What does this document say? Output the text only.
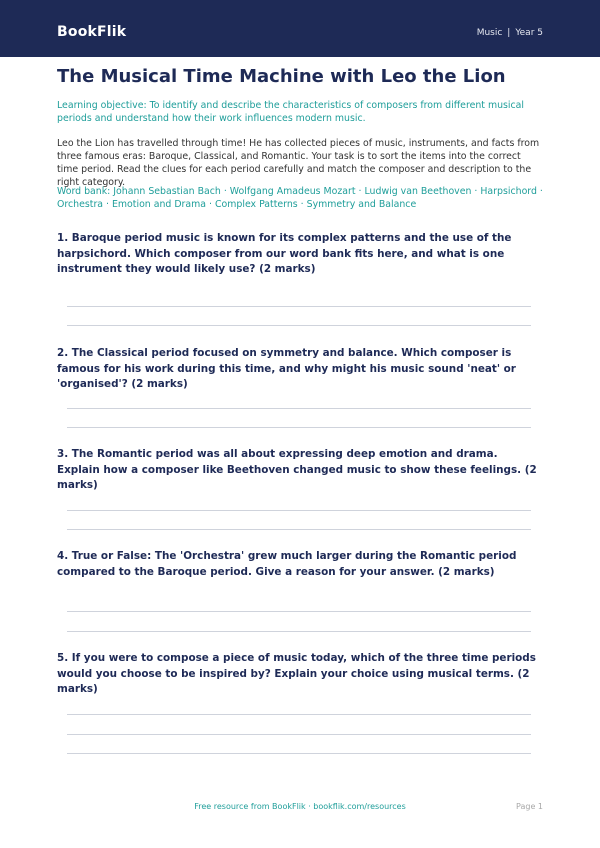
BookFlik	Music | Year 5
The Musical Time Machine with Leo the Lion

Learning objective: To identify and describe the characteristics of composers from different musical periods and understand how their work influences modern music.

Leo the Lion has travelled through time! He has collected pieces of music, instruments, and facts from three famous eras: Baroque, Classical, and Romantic. Your task is to sort the items into the correct time period. Read the clues for each period carefully and match the composer and description to the right category.

Word bank: Johann Sebastian Bach · Wolfgang Amadeus Mozart · Ludwig van Beethoven · Harpsichord · Orchestra · Emotion and Drama · Complex Patterns · Symmetry and Balance

1. Baroque period music is known for its complex patterns and the use of the harpsichord. Which composer from our word bank fits here, and what is one instrument they would likely use? (2 marks)

2. The Classical period focused on symmetry and balance. Which composer is famous for his work during this time, and why might his music sound 'neat' or 'organised'? (2 marks)

3. The Romantic period was all about expressing deep emotion and drama. Explain how a composer like Beethoven changed music to show these feelings. (2 marks)

4. True or False: The 'Orchestra' grew much larger during the Romantic period compared to the Baroque period. Give a reason for your answer. (2 marks)

5. If you were to compose a piece of music today, which of the three time periods would you choose to be inspired by? Explain your choice using musical terms. (2 marks)

Free resource from BookFlik · bookflik.com/resources	Page 1
